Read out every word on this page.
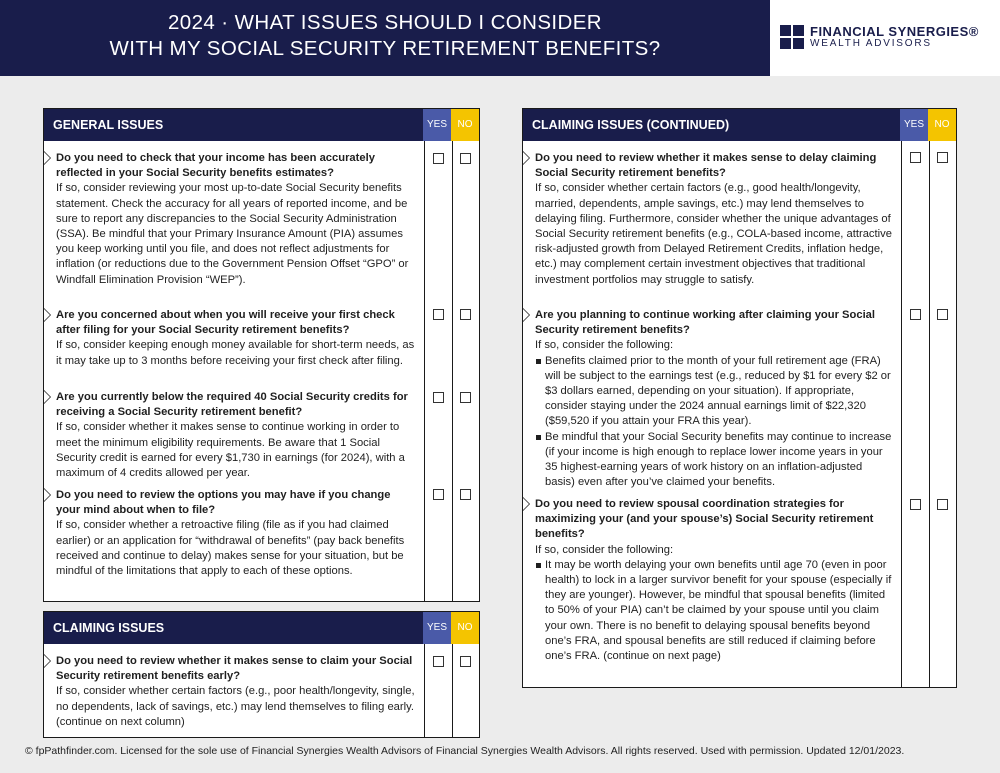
2024 · WHAT ISSUES SHOULD I CONSIDER
WITH MY SOCIAL SECURITY RETIREMENT BENEFITS?
FINANCIAL SYNERGIES®
WEALTH ADVISORS
GENERAL ISSUES	YES	NO
Do you need to check that your income has been accurately reflected in your Social Security benefits estimates?

If so, consider reviewing your most up-to-date Social Security benefits statement. Check the accuracy for all years of reported income, and be sure to report any discrepancies to the Social Security Administration (SSA). Be mindful that your Primary Insurance Amount (PIA) assumes you keep working until you file, and does not reflect adjustments for inflation (or reductions due to the Government Pension Offset “GPO” or Windfall Elimination Provision “WEP”).

Are you concerned about when you will receive your first check after filing for your Social Security retirement benefits?

If so, consider keeping enough money available for short-term needs, as it may take up to 3 months before receiving your first check after filing.

Are you currently below the required 40 Social Security credits for receiving a Social Security retirement benefit?

If so, consider whether it makes sense to continue working in order to meet the minimum eligibility requirements. Be aware that 1 Social Security credit is earned for every $1,730 in earnings (for 2024), with a maximum of 4 credits allowed per year.

Do you need to review the options you may have if you change your mind about when to file?

If so, consider whether a retroactive filing (file as if you had claimed earlier) or an application for “withdrawal of benefits” (pay back benefits received and continue to delay) makes sense for your situation, but be mindful of the limitations that apply to each of these options.

CLAIMING ISSUES	YES	NO
Do you need to review whether it makes sense to claim your Social Security retirement benefits early?

If so, consider whether certain factors (e.g., poor health/longevity, single, no dependents, lack of savings, etc.) may lend themselves to filing early. (continue on next column)

CLAIMING ISSUES (CONTINUED)	YES	NO
Do you need to review whether it makes sense to delay claiming Social Security retirement benefits?

If so, consider whether certain factors (e.g., good health/longevity, married, dependents, ample savings, etc.) may lend themselves to delaying filing. Furthermore, consider whether the unique advantages of Social Security retirement benefits (e.g., COLA-based income, attractive risk-adjusted growth from Delayed Retirement Credits, inflation hedge, etc.) may complement certain investment objectives that traditional investment portfolios may struggle to satisfy.

Are you planning to continue working after claiming your Social Security retirement benefits?

If so, consider the following:

Benefits claimed prior to the month of your full retirement age (FRA) will be subject to the earnings test (e.g., reduced by $1 for every $2 or $3 dollars earned, depending on your situation). If appropriate, consider staying under the 2024 annual earnings limit of $22,320 ($59,520 if you attain your FRA this year).
Be mindful that your Social Security benefits may continue to increase (if your income is high enough to replace lower income years in your 35 highest-earning years of work history on an inflation-adjusted basis) even after you’ve claimed your benefits.
Do you need to review spousal coordination strategies for maximizing your (and your spouse’s) Social Security retirement benefits?

If so, consider the following:

It may be worth delaying your own benefits until age 70 (even in poor health) to lock in a larger survivor benefit for your spouse (especially if they are younger). However, be mindful that spousal benefits (limited to 50% of your PIA) can’t be claimed by your spouse until you claim your own. There is no benefit to delaying spousal benefits beyond one’s FRA, and spousal benefits are still reduced if claiming before one’s FRA. (continue on next page)
© fpPathfinder.com. Licensed for the sole use of Financial Synergies Wealth Advisors of Financial Synergies Wealth Advisors. All rights reserved. Used with permission. Updated 12/01/2023.
